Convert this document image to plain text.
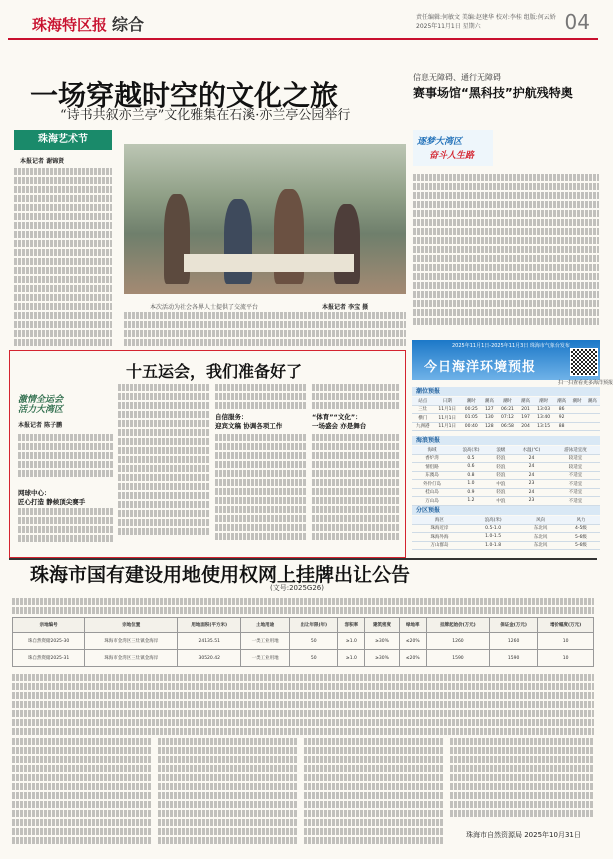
珠海特区报 综合	责任编辑:何敏文 美编:赵建华 校对:李桂 组版:何云娇
2025年11月1日 星期六	04
一场穿越时空的文化之旅
“诗书共叙亦兰亭”文化雅集在石溪·亦兰亭公园举行
珠海艺术节
本报记者 谢锦贤
本次活动为社会各界人士提供了交流平台	本报记者 李宝 摄
信息无障碍、通行无障碍
赛事场馆“黑科技”护航残特奥
逐梦大湾区
奋斗人生路
十五运会，我们准备好了
激情全运会
活力大湾区
本报记者 陈子鹏
网球中心：
匠心打造 静候顶尖赛手
自信服务：
迎宾文稿 协调各项工作
“体育”“文化”：
一场盛会 亦是舞台
2025年11月1日-2025年11月3日 珠海市气象台发布
今日海洋环境预报
扫一扫查看更多海洋预报
潮位预报
站点	日期	潮时	潮高	潮时	潮高	潮时	潮高	潮时	潮高
三灶	11月1日	00:25	127	06:21	201	13:03	86		
横门	11月1日	01:05	130	07:12	197	13:40	92		
九洲港	11月1日	00:40	128	06:58	204	13:15	88		
海浪预报
海域	浪高(米)	浪级	水温(℃)	游泳适宜度
香炉湾	0.5	轻浪	24	较适宜
情侣路	0.6	轻浪	24	较适宜
东澳岛	0.8	轻浪	24	不适宜
外伶仃岛	1.0	中浪	23	不适宜
桂山岛	0.9	轻浪	24	不适宜
万山岛	1.2	中浪	23	不适宜
分区预报
海区	浪高(米)	风向	风力
珠海近岸	0.5-1.0	东北风	4-5级
珠海外海	1.0-1.5	东北风	5-6级
万山群岛	1.0-1.8	东北风	5-6级
珠海市国有建设用地使用权网上挂牌出让公告
(文号:2025G26)
宗地编号	宗地位置	用地面积(平方米)	土地用途	出让年限(年)	容积率	建筑密度	绿地率	挂牌起始价(万元)	保证金(万元)	增价幅度(万元)
珠自然资储2025-30	珠海市金湾区三灶镇金海岸	24135.51	一类工业用地	50	≥1.0	≥30%	≤20%	1260	1260	10
珠自然资储2025-31	珠海市金湾区三灶镇金海岸	30520.42	一类工业用地	50	≥1.0	≥30%	≤20%	1590	1590	10
珠海市自然资源局 2025年10月31日
